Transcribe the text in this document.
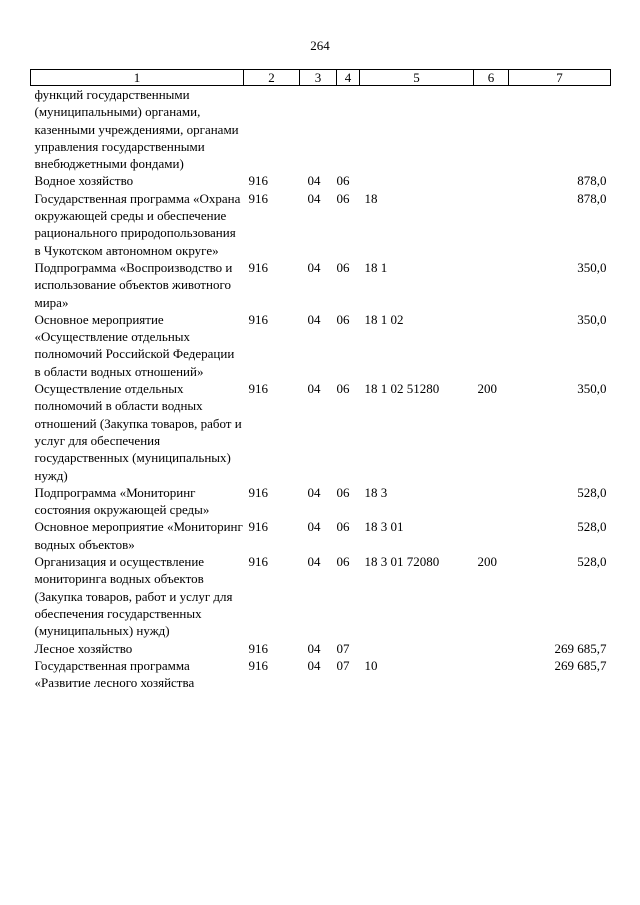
264
1	2	3	4	5	6	7
функций государственными (муниципальными) органами, казенными учреждениями, органами управления государственными внебюджетными фондами)						
Водное хозяйство	916	04	06			878,0
Государственная программа «Охрана окружающей среды и обеспечение рационального природопользования в Чукотском автономном округе»	916	04	06	18		878,0
Подпрограмма «Воспроизводство и использование объектов животного мира»	916	04	06	18 1		350,0
Основное мероприятие «Осуществление отдельных полномочий Российской Федерации в области водных отношений»	916	04	06	18 1 02		350,0
Осуществление отдельных полномочий в области водных отношений (Закупка товаров, работ и услуг для обеспечения государственных (муниципальных) нужд)	916	04	06	18 1 02 51280	200	350,0
Подпрограмма «Мониторинг состояния окружающей среды»	916	04	06	18 3		528,0
Основное мероприятие «Мониторинг водных объектов»	916	04	06	18 3 01		528,0
Организация и осуществление мониторинга водных объектов (Закупка товаров, работ и услуг для обеспечения государственных (муниципальных) нужд)	916	04	06	18 3 01 72080	200	528,0
Лесное хозяйство	916	04	07			269 685,7
Государственная программа «Развитие лесного хозяйства	916	04	07	10		269 685,7
